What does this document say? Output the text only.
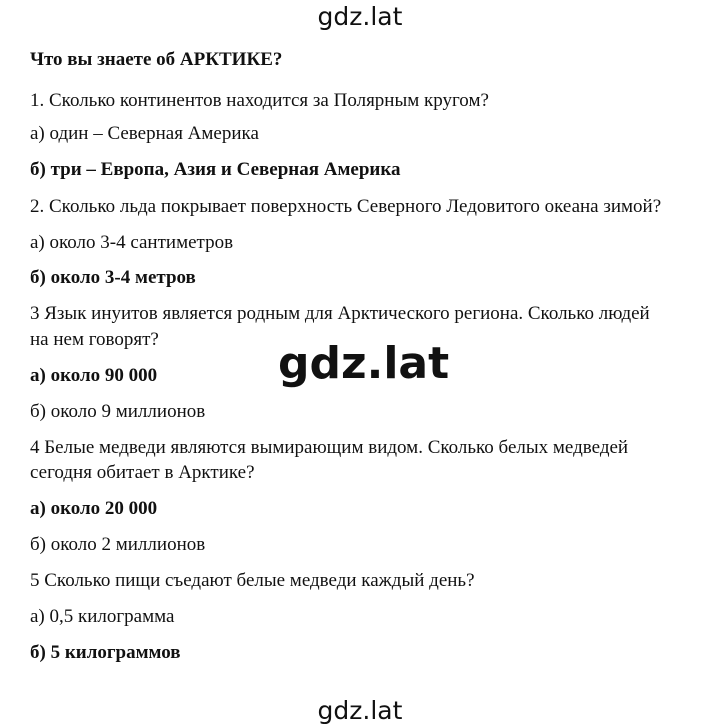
gdz.lat
Что вы знаете об АРКТИКЕ?
1. Сколько континентов находится за Полярным кругом?
а) один – Северная Америка
б) три – Европа, Азия и Северная Америка
2. Сколько льда покрывает поверхность Северного Ледовитого океана зимой?
а) около 3-4 сантиметров
б) около 3-4 метров
3 Язык инуитов является родным для Арктического региона. Сколько людей
на нем говорят?
а) около 90 000
б) около 9 миллионов
4 Белые медведи являются вымирающим видом. Сколько белых медведей
сегодня обитает в Арктике?
а) около 20 000
б) около 2 миллионов
5 Сколько пищи съедают белые медведи каждый день?
а) 0,5 килограмма
б) 5 килограммов
gdz.lat
gdz.lat
